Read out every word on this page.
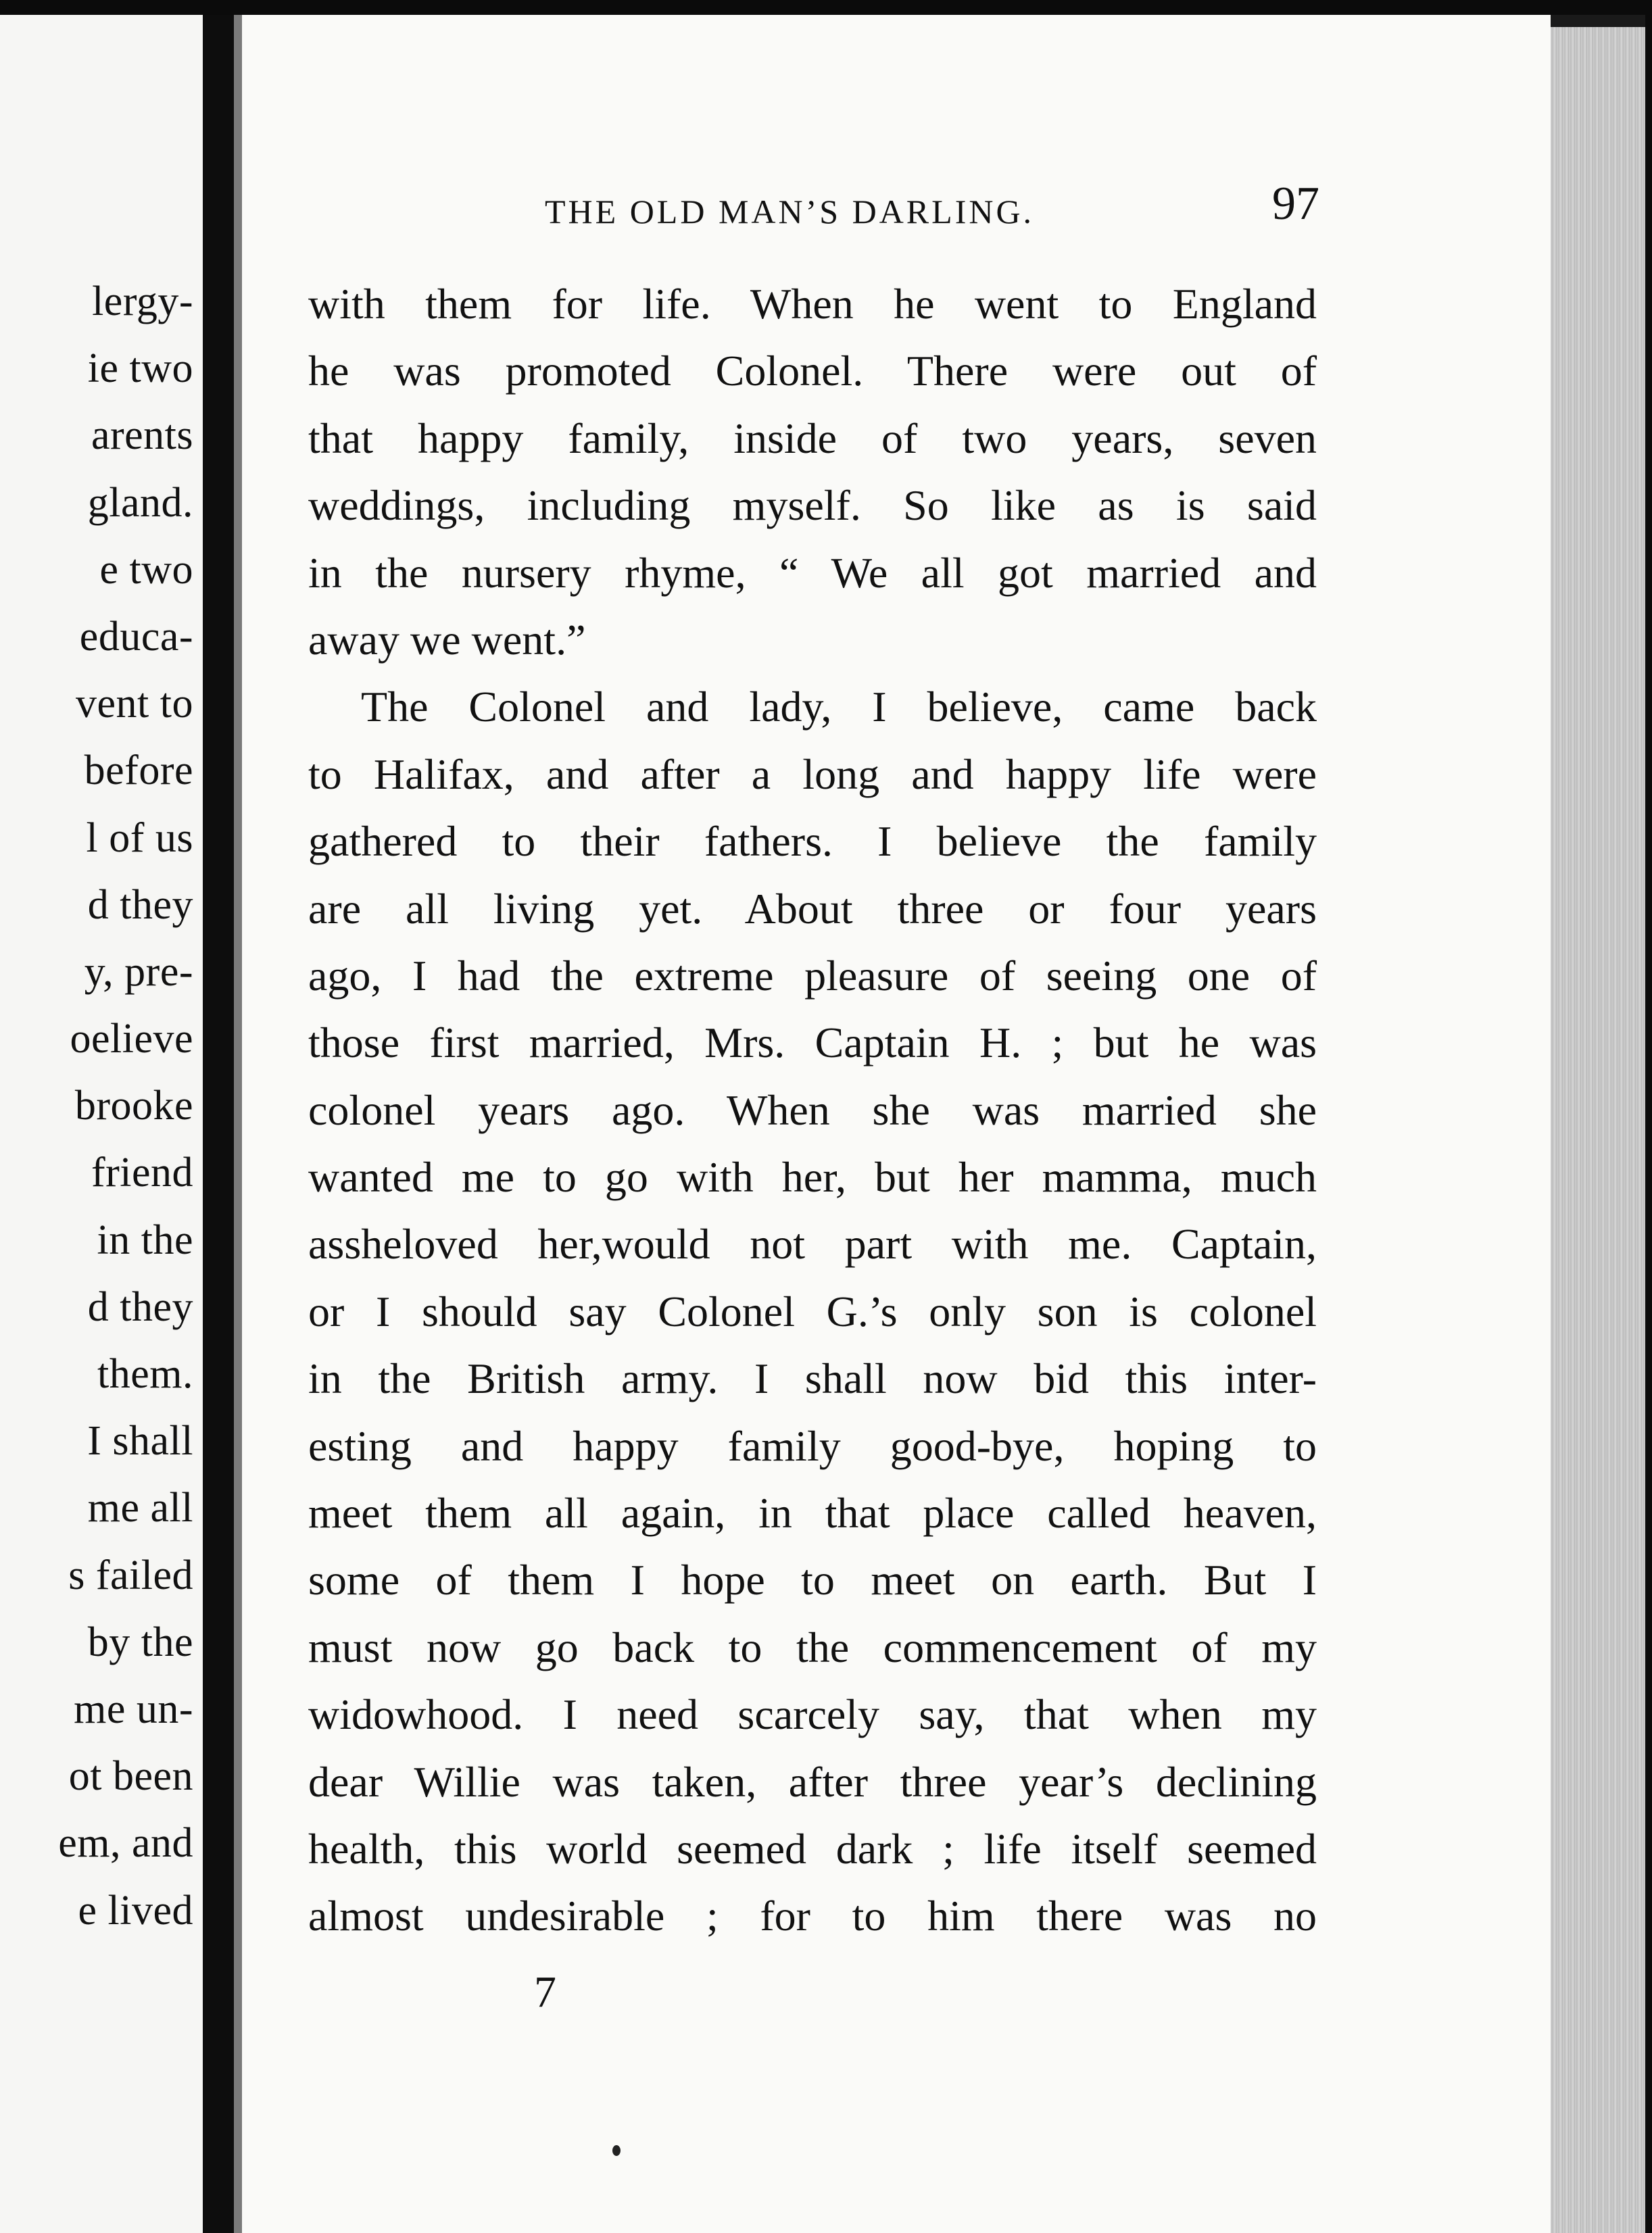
lergy-
ie two
arents
gland.
e two
educa-
vent to
before
l of us
d they
y, pre-
oelieve
brooke
friend
in the
d they
them.
I shall
me all
s failed
by the
me un-
ot been
em, and
e lived
THE OLD MAN’S DARLING.	97
with them for life. When he went to England
he was promoted Colonel. There were out of
that happy family, inside of two years, seven
weddings, including myself. So like as is said
in the nursery rhyme, “ We all got married and
away we went.”
The Colonel and lady, I believe, came back
to Halifax, and after a long and happy life were
gathered to their fathers. I believe the family
are all living yet. About three or four years
ago, I had the extreme pleasure of seeing one of
those first married, Mrs. Captain H. ; but he was
colonel years ago. When she was married she
wanted me to go with her, but her mamma, much
assheloved her,would not part with me. Captain,
or I should say Colonel G.’s only son is colonel
in the British army. I shall now bid this inter-
esting and happy family good-bye, hoping to
meet them all again, in that place called heaven,
some of them I hope to meet on earth. But I
must now go back to the commencement of my
widowhood. I need scarcely say, that when my
dear Willie was taken, after three year’s declining
health, this world seemed dark ; life itself seemed
almost undesirable ; for to him there was no
7
